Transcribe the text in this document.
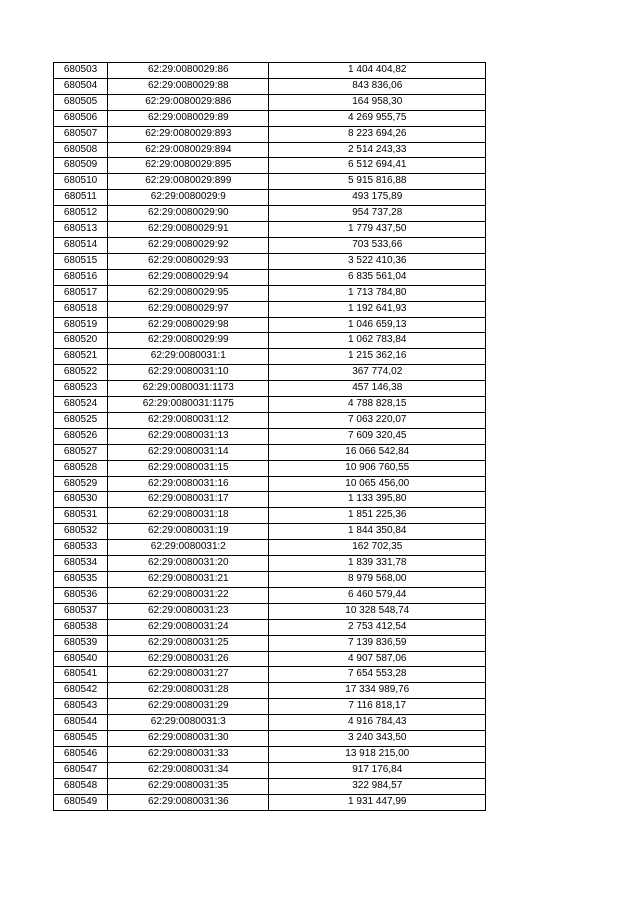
680503	62:29:0080029:86	1 404 404,82
680504	62:29:0080029:88	843 836,06
680505	62:29:0080029:886	164 958,30
680506	62:29:0080029:89	4 269 955,75
680507	62:29:0080029:893	8 223 694,26
680508	62:29:0080029:894	2 514 243,33
680509	62:29:0080029:895	6 512 694,41
680510	62:29:0080029:899	5 915 816,88
680511	62:29:0080029:9	493 175,89
680512	62:29:0080029:90	954 737,28
680513	62:29:0080029:91	1 779 437,50
680514	62:29:0080029:92	703 533,66
680515	62:29:0080029:93	3 522 410,36
680516	62:29:0080029:94	6 835 561,04
680517	62:29:0080029:95	1 713 784,80
680518	62:29:0080029:97	1 192 641,93
680519	62:29:0080029:98	1 046 659,13
680520	62:29:0080029:99	1 062 783,84
680521	62:29:0080031:1	1 215 362,16
680522	62:29:0080031:10	367 774,02
680523	62:29:0080031:1173	457 146,38
680524	62:29:0080031:1175	4 788 828,15
680525	62:29:0080031:12	7 063 220,07
680526	62:29:0080031:13	7 609 320,45
680527	62:29:0080031:14	16 066 542,84
680528	62:29:0080031:15	10 906 760,55
680529	62:29:0080031:16	10 065 456,00
680530	62:29:0080031:17	1 133 395,80
680531	62:29:0080031:18	1 851 225,36
680532	62:29:0080031:19	1 844 350,84
680533	62:29:0080031:2	162 702,35
680534	62:29:0080031:20	1 839 331,78
680535	62:29:0080031:21	8 979 568,00
680536	62:29:0080031:22	6 460 579,44
680537	62:29:0080031:23	10 328 548,74
680538	62:29:0080031:24	2 753 412,54
680539	62:29:0080031:25	7 139 836,59
680540	62:29:0080031:26	4 907 587,06
680541	62:29:0080031:27	7 654 553,28
680542	62:29:0080031:28	17 334 989,76
680543	62:29:0080031:29	7 116 818,17
680544	62:29:0080031:3	4 916 784,43
680545	62:29:0080031:30	3 240 343,50
680546	62:29:0080031:33	13 918 215,00
680547	62:29:0080031:34	917 176,84
680548	62:29:0080031:35	322 984,57
680549	62:29:0080031:36	1 931 447,99
